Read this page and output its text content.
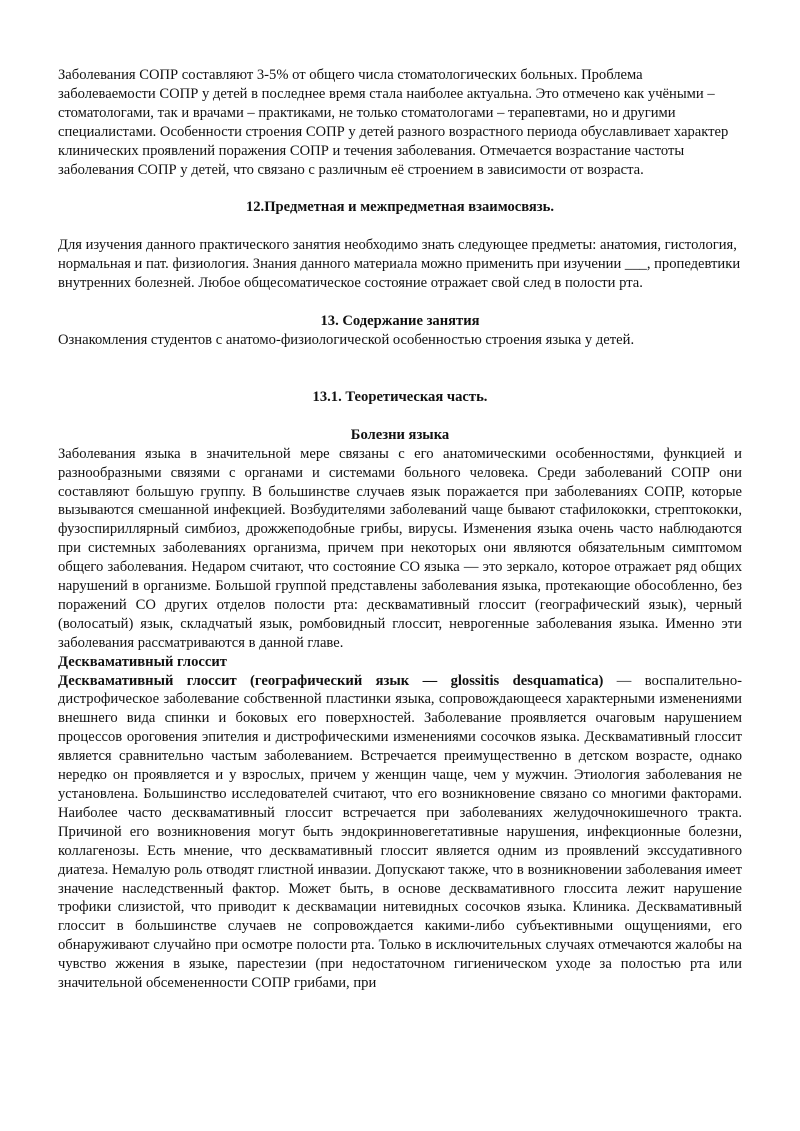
Заболевания СОПР составляют 3-5% от общего числа стоматологических больных. Проблема заболеваемости СОПР у детей в последнее время стала наиболее актуальна. Это отмечено как учёными – стоматологами, так и врачами – практиками, не только стоматологами – терапевтами, но и другими специалистами. Особенности строения СОПР у детей разного возрастного периода обуславливает характер клинических проявлений поражения СОПР и течения заболевания. Отмечается возрастание частоты заболевания СОПР у детей, что связано с различным её строением в зависимости от возраста.

12.Предметная и межпредметная взаимосвязь.

Для изучения данного практического занятия необходимо знать следующее предметы: анатомия, гистология, нормальная и пат. физиология. Знания данного материала можно применить при изучении ___, пропедевтики внутренних болезней. Любое общесоматическое состояние отражает свой след в полости рта.

13. Содержание занятия

Ознакомления студентов с анатомо-физиологической особенностью строения языка у детей.

13.1. Теоретическая часть.

Болезни языка

Заболевания языка в значительной мере связаны с его анатомическими особенностями, функцией и разнообразными связями с органами и системами больного человека. Среди заболеваний СОПР они составляют большую группу. В большинстве случаев язык поражается при заболеваниях СОПР, которые вызываются смешанной инфекцией. Возбудителями заболеваний чаще бывают стафилококки, стрептококки, фузоспириллярный симбиоз, дрожжеподобные грибы, вирусы. Изменения языка очень часто наблюдаются при системных заболеваниях организма, причем при некоторых они являются обязательным симптомом общего заболевания. Недаром считают, что состояние СО языка — это зеркало, которое отражает ряд общих нарушений в организме. Большой группой представлены заболевания языка, протекающие обособленно, без поражений СО других отделов полости рта: десквамативный глоссит (географический язык), черный (волосатый) язык, складчатый язык, ромбовидный глоссит, неврогенные заболевания языка. Именно эти заболевания рассматриваются в данной главе.

Десквамативный глоссит

Десквамативный глоссит (географический язык — glossitis desquamatica) — воспалительно-дистрофическое заболевание собственной пластинки языка, сопровождающееся характерными изменениями внешнего вида спинки и боковых его поверхностей. Заболевание проявляется очаговым нарушением процессов ороговения эпителия и дистрофическими изменениями сосочков языка. Десквамативный глоссит является сравнительно частым заболеванием. Встречается преимущественно в детском возрасте, однако нередко он проявляется и у взрослых, причем у женщин чаще, чем у мужчин. Этиология заболевания не установлена. Большинство исследователей считают, что его возникновение связано со многими факторами. Наиболее часто десквамативный глоссит встречается при заболеваниях желудочнокишечного тракта. Причиной его возникновения могут быть эндокринновегетативные нарушения, инфекционные болезни, коллагенозы. Есть мнение, что десквамативный глоссит является одним из проявлений экссудативного диатеза. Немалую роль отводят глистной инвазии. Допускают также, что в возникновении заболевания имеет значение наследственный фактор. Может быть, в основе десквамативного глоссита лежит нарушение трофики слизистой, что приводит к десквамации нитевидных сосочков языка. Клиника. Десквамативный глоссит в большинстве случаев не сопровождается какими-либо субъективными ощущениями, его обнаруживают случайно при осмотре полости рта. Только в исключительных случаях отмечаются жалобы на чувство жжения в языке, парестезии (при недостаточном гигиеническом уходе за полостью рта или значительной обсемененности СОПР грибами, при
